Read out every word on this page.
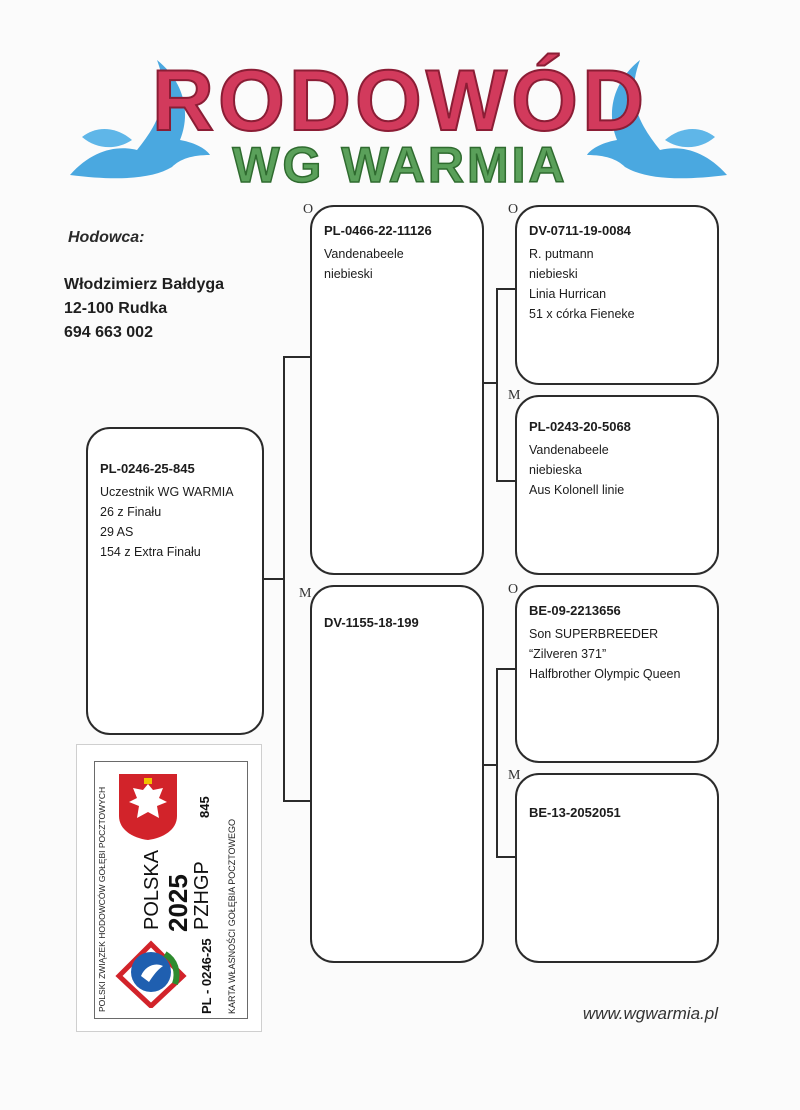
RODOWÓD
WG WARMIA
Hodowca:
Włodzimierz Bałdyga
12-100 Rudka
694 663 002
O
M
O
M
O
M
PL-0246-25-845
Uczestnik WG WARMIA
26 z Finału
29 AS
154 z Extra Finału
PL-0466-22-11126
Vandenabeele
niebieski
DV-1155-18-199
DV-0711-19-0084
R. putmann
niebieski
Linia Hurrican
51 x córka Fieneke
PL-0243-20-5068
Vandenabeele
niebieska
Aus Kolonell linie
BE-09-2213656
Son SUPERBREEDER
“Zilveren 371”
Halfbrother Olympic Queen
BE-13-2052051
POLSKI ZWIĄZEK HODOWCÓW GOŁĘBI POCZTOWYCH POLSKA 2025
PZHGP
845
PL - 0246-25 KARTA WŁASNOŚCI GOŁĘBIA POCZTOWEGO	www.wgwarmia.pl
